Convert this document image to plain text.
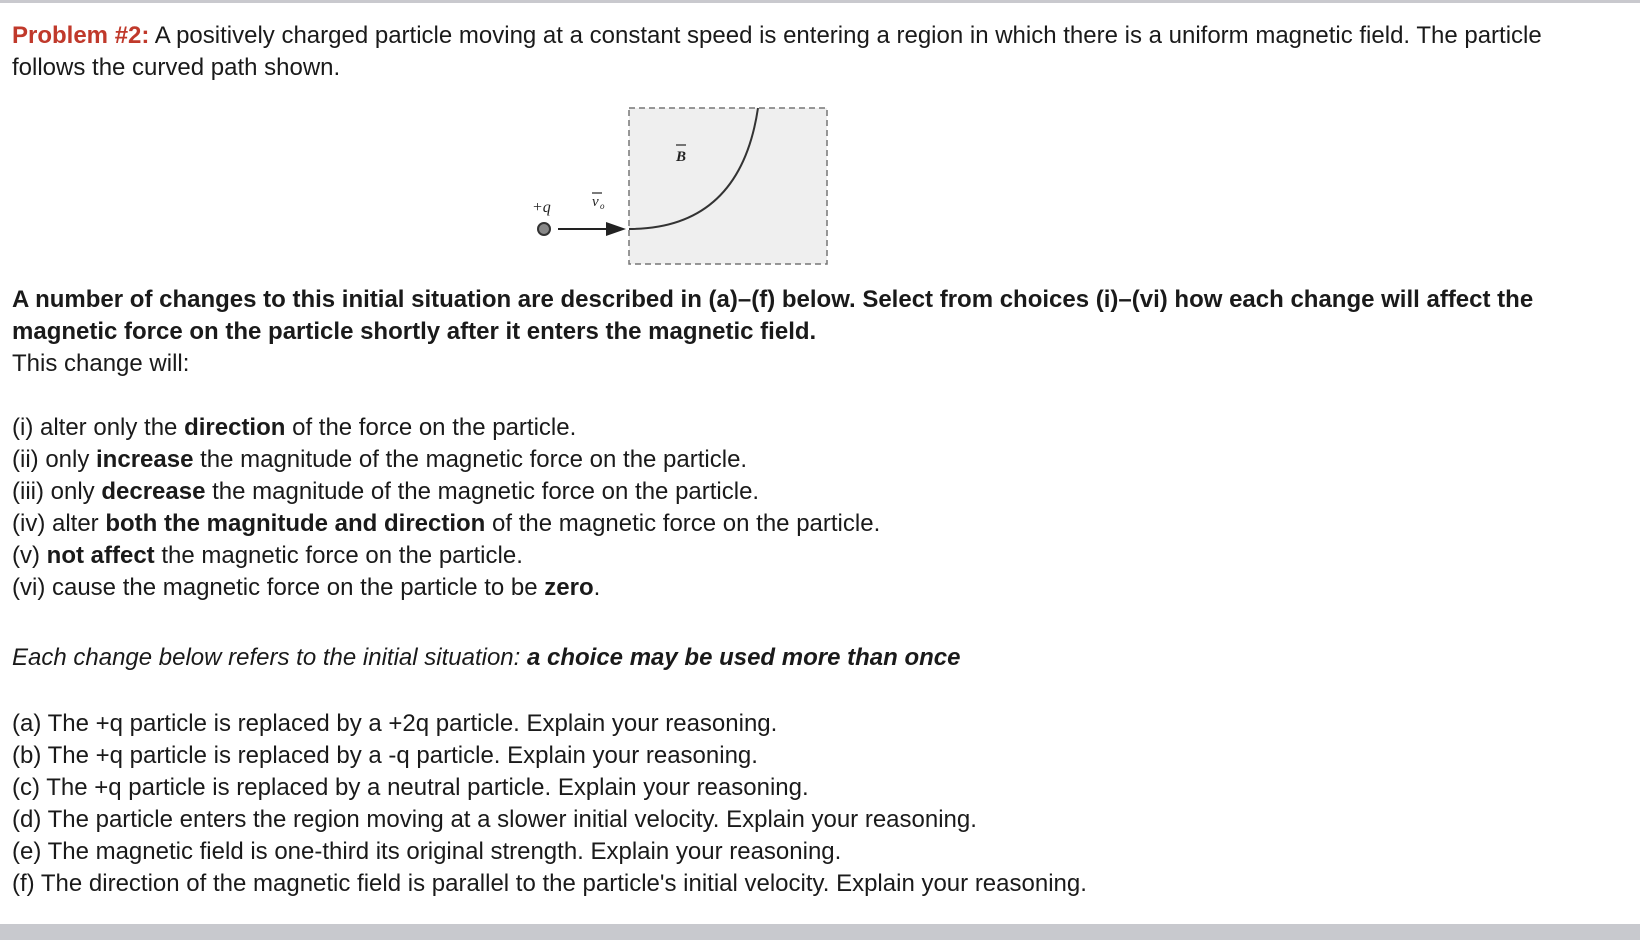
Problem #2: A positively charged particle moving at a constant speed is entering a region in which there is a uniform magnetic field. The particle follows the curved path shown.

+q	v o
B
A number of changes to this initial situation are described in (a)–(f) below. Select from choices (i)–(vi) how each change will affect the magnetic force on the particle shortly after it enters the magnetic field.
This change will:
(i) alter only the direction of the force on the particle.
(ii) only increase the magnitude of the magnetic force on the particle.
(iii) only decrease the magnitude of the magnetic force on the particle.
(iv) alter both the magnitude and direction of the magnetic force on the particle.
(v) not affect the magnetic force on the particle.
(vi) cause the magnetic force on the particle to be zero.
Each change below refers to the initial situation: a choice may be used more than once
(a) The +q particle is replaced by a +2q particle. Explain your reasoning.
(b) The +q particle is replaced by a -q particle. Explain your reasoning.
(c) The +q particle is replaced by a neutral particle. Explain your reasoning.
(d) The particle enters the region moving at a slower initial velocity. Explain your reasoning.
(e) The magnetic field is one-third its original strength. Explain your reasoning.
(f) The direction of the magnetic field is parallel to the particle's initial velocity. Explain your reasoning.
